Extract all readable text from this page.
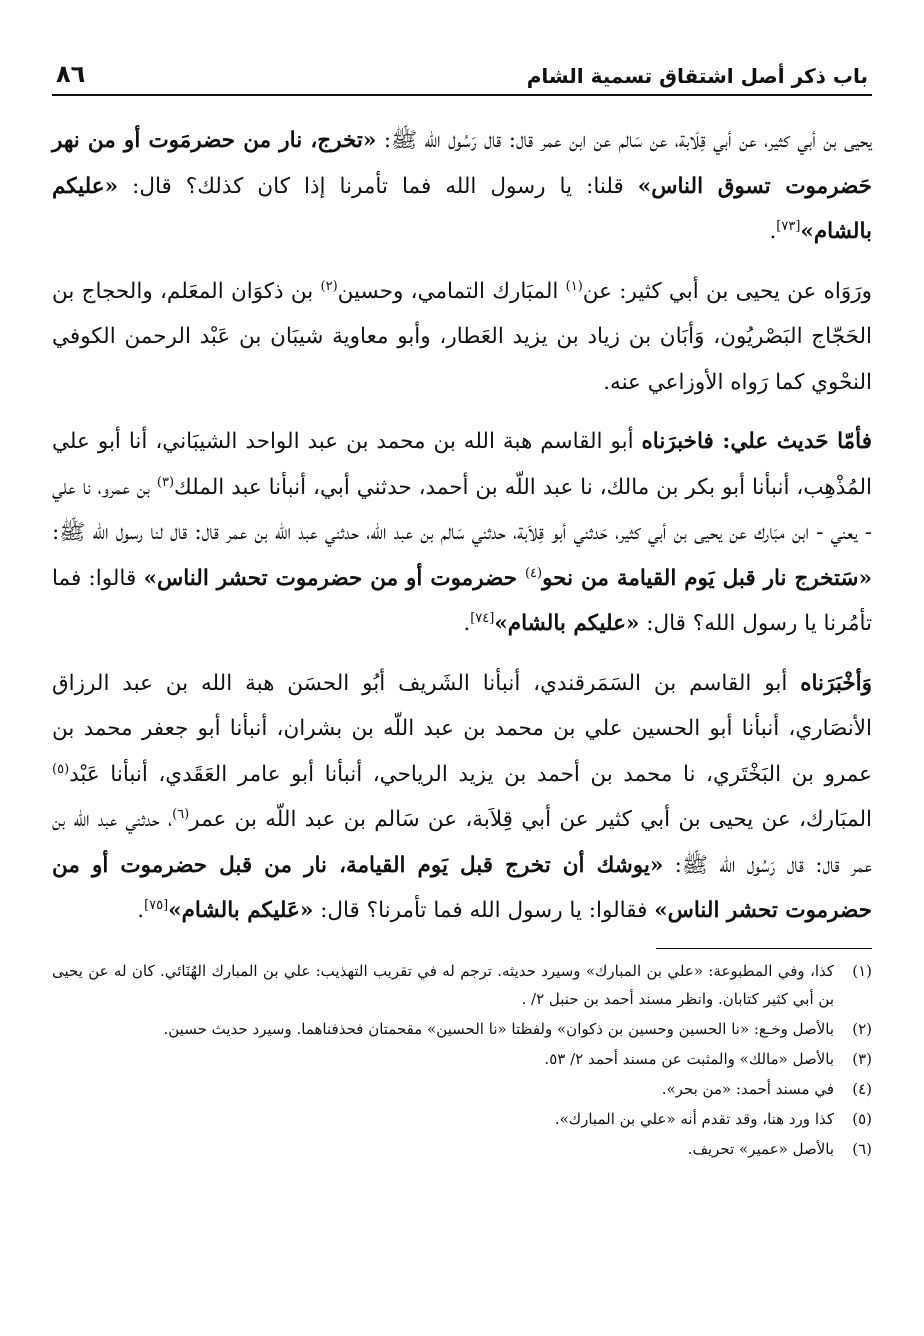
باب ذكر أصل اشتقاق تسمية الشام
٨٦

يحيى بن أبي كثير، عن أبي قِلَابة، عن سَالم عن ابن عمر قال: قال رَسُول الله ﷺ: «تخرج، نار من حضرمَوت أو من نهر حَضرموت تسوق الناس» قلنا: يا رسول الله فما تأمرنا إذا كان كذلك؟ قال: «عليكم بالشام»[٧٣].

ورَوَاه عن يحيى بن أبي كثير: عن$^{(١)}$ المبَارك التمامي، وحسين$^{(٢)}$ بن ذكوَان المعَلم، والحجاج بن الحَجّاج البَصْريُون، وَأبَان بن زياد بن يزيد العَطار، وأبو معاوية شيبَان بن عَبْد الرحمن الكوفي النحْوي كما رَواه الأوزاعي عنه.

فأمّا حَديث علي: فاخبرَناه أبو القاسم هبة الله بن محمد بن عبد الواحد الشيبَاني، أنا أبو علي المُذْهِب، أنبأنا أبو بكر بن مالك، نا عبد اللّه بن أحمد، حدثني أبي، أنبأنا عبد الملك$^{(٣)}$ بن عمرو، نا علي - يعني - ابن مبَارك عن يحيى بن أبي كثير، حَدثني أبو قِلاَبة، حدثني سَالم بن عبد اللّه، حدثني عبد اللّه بن عمر قال: قال لنا رسول الله ﷺ: «سَتخرج نار قبل يَوم القيامة من نحو$^{(٤)}$ حضرموت أو من حضرموت تحشر الناس» قالوا: فما تأمُرنا يا رسول الله؟ قال: «عليكم بالشام»[٧٤].

وَأخْبَرَناه أبو القاسم بن السَمَرقندي، أنبأنا الشَريف أبُو الحسَن هبة الله بن عبد الرزاق الأنصَاري، أنبأنا أبو الحسين علي بن محمد بن عبد اللّه بن بشران، أنبأنا أبو جعفر محمد بن عمرو بن البَخْتَري، نا محمد بن أحمد بن يزيد الرياحي، أنبأنا أبو عامر العَقَدي، أنبأنا عَبْد$^{(٥)}$ المبَارك، عن يحيى بن أبي كثير عن أبي قِلاَبة، عن سَالم بن عبد اللّه بن عمر$^{(٦)}$، حدثني عبد اللّه بن عمر قال: قال رَسُول الله ﷺ: «يوشك أن تخرج قبل يَوم القيامة، نار من قبل حضرموت أو من حضرموت تحشر الناس» فقالوا: يا رسول الله فما تأمرنا؟ قال: «عَليكم بالشام»[٧٥].

(١)
كذا، وفي المطبوعة: «علي بن المبارك» وسيرد حديثه. ترجم له في تقريب التهذيب: علي بن المبارك الهُنَائي. كان له عن يحيى بن أبي كثير كتابان. وانظر مسند أحمد بن حنبل ٢/ .
(٢)
بالأصل وخـع: «نا الحسين وحسين بن ذكوان» ولفظتا «نا الحسين» مقحمتان فحذفناهما. وسيرد حديث حسين.
(٣)
بالأصل «مالك» والمثبت عن مسند أحمد ٢/ ٥٣.
(٤)
في مسند أحمد: «من بحر».
(٥)
كذا ورد هنا، وقد تقدم أنه «علي بن المبارك».
(٦)
بالأصل «عمير» تحريف.
